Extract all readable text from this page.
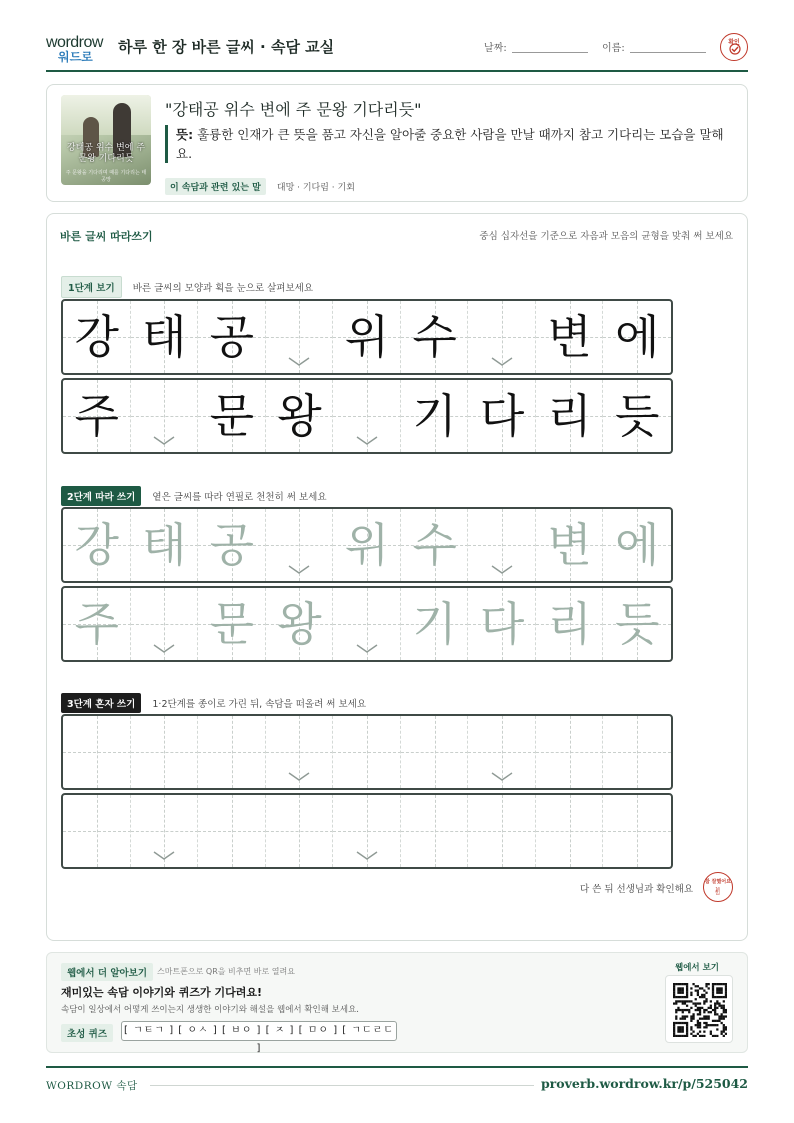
wordrow
워드로
하루 한 장 바른 글씨 · 속담 교실	날짜:	이름:
확인
강태공 위수 변에 주 문왕 기다리듯
주 문왕을 기다리며 때를 기다리는 태공망
"강태공 위수 변에 주 문왕 기다리듯"
뜻: 훌륭한 인재가 큰 뜻을 품고 자신을 알아줄 중요한 사람을 만날 때까지 참고 기다리는 모습을 말해요.
이 속담과 관련 있는 말 대망 · 기다림 · 기회
바른 글씨 따라쓰기	중심 십자선을 기준으로 자음과 모음의 균형을 맞춰 써 보세요
1단계 보기 바른 글씨의 모양과 획을 눈으로 살펴보세요
강 태 공 위 수 변 에
주 문 왕 기 다 리 듯
2단계 따라 쓰기 옅은 글씨를 따라 연필로 천천히 써 보세요
강 태 공 위 수 변 에
주 문 왕 기 다 리 듯
3단계 혼자 쓰기 1·2단계를 종이로 가린 뒤, 속담을 떠올려 써 보세요
다 쓴 뒤 선생님과 확인해요
참 잘했어요
✌
웹에서 더 알아보기	스마트폰으로 QR을 비추면 바로 열려요
재미있는 속담 이야기와 퀴즈가 기다려요!
속담이 일상에서 어떻게 쓰이는지 생생한 이야기와 해설을 웹에서 확인해 보세요.
초성 퀴즈	[ ㄱㅌㄱ ] [ ㅇㅅ ] [ ㅂㅇ ] [ ㅈ ] [ ㅁㅇ ] [ ㄱㄷㄹㄷ ]
웹에서 보기
WORDROW 속담	proverb.wordrow.kr/p/525042
